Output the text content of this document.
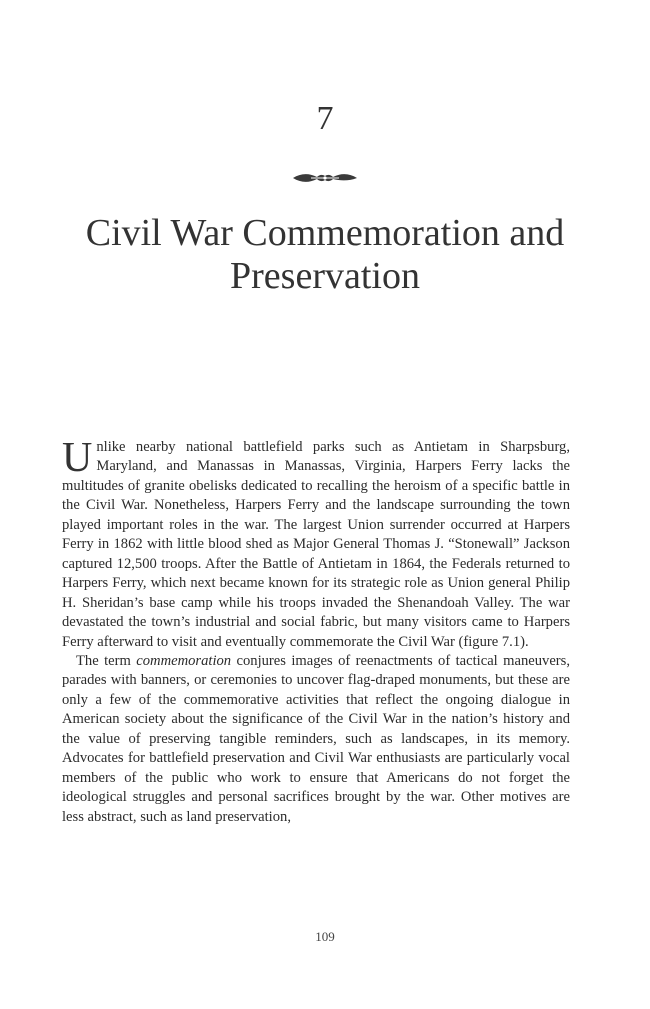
7
Civil War Commemoration and Preservation

Unlike nearby national battlefield parks such as Antietam in Sharpsburg, Maryland, and Manassas in Manassas, Virginia, Harpers Ferry lacks the multitudes of granite obelisks dedicated to recalling the heroism of a specific battle in the Civil War. Nonetheless, Harpers Ferry and the landscape surrounding the town played important roles in the war. The largest Union surrender occurred at Harpers Ferry in 1862 with little blood shed as Major General Thomas J. “Stonewall” Jackson captured 12,500 troops. After the Battle of Antietam in 1864, the Federals returned to Harpers Ferry, which next became known for its strategic role as Union general Philip H. Sheridan’s base camp while his troops invaded the Shenandoah Valley. The war devastated the town’s industrial and social fabric, but many visitors came to Harpers Ferry afterward to visit and eventually commemorate the Civil War (figure 7.1).

The term commemoration conjures images of reenactments of tactical maneuvers, parades with banners, or ceremonies to uncover flag-draped monuments, but these are only a few of the commemorative activities that reflect the ongoing dialogue in American society about the significance of the Civil War in the nation’s history and the value of preserving tangible reminders, such as landscapes, in its memory. Advocates for battlefield preservation and Civil War enthusiasts are particularly vocal members of the public who work to ensure that Americans do not forget the ideological struggles and personal sacrifices brought by the war. Other motives are less abstract, such as land preservation,

109
